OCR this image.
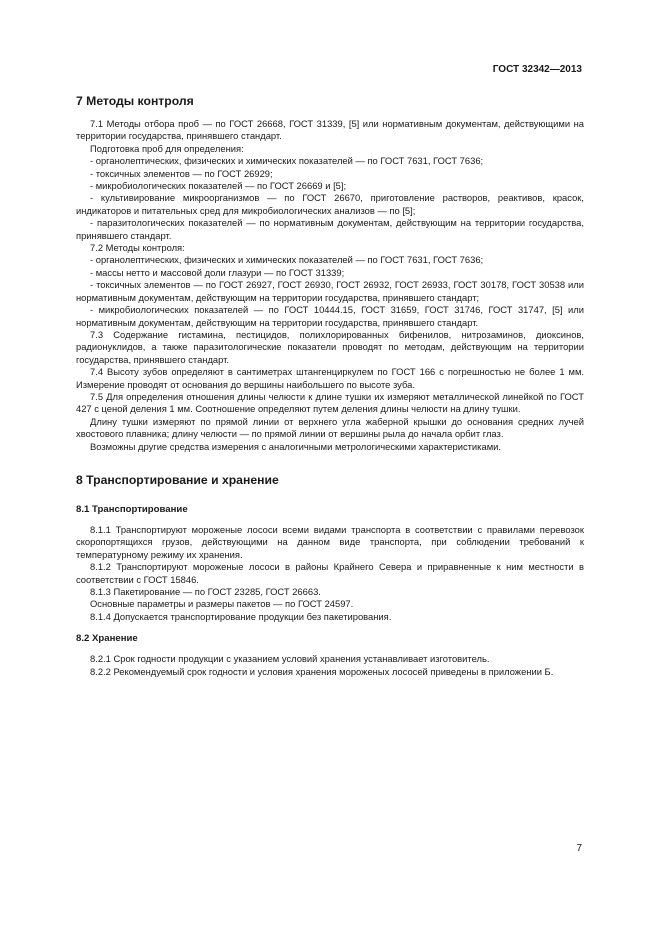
ГОСТ 32342—2013
7 Методы контроля

7.1 Методы отбора проб — по ГОСТ 26668, ГОСТ 31339, [5] или нормативным документам, действующими на территории государства, принявшего стандарт.

Подготовка проб для определения:

- органолептических, физических и химических показателей — по ГОСТ 7631, ГОСТ 7636;

- токсичных элементов — по ГОСТ 26929;

- микробиологических показателей — по ГОСТ 26669 и [5];

- культивирование микроорганизмов — по ГОСТ 26670, приготовление растворов, реактивов, красок, индикаторов и питательных сред для микробиологических анализов — по [5];

- паразитологических показателей — по нормативным документам, действующим на территории государства, принявшего стандарт.

7.2 Методы контроля:

- органолептических, физических и химических показателей — по ГОСТ 7631, ГОСТ 7636;

- массы нетто и массовой доли глазури — по ГОСТ 31339;

- токсичных элементов — по ГОСТ 26927, ГОСТ 26930, ГОСТ 26932, ГОСТ 26933, ГОСТ 30178, ГОСТ 30538 или нормативным документам, действующим на территории государства, принявшего стандарт;

- микробиологических показателей — по ГОСТ 10444.15, ГОСТ 31659, ГОСТ 31746, ГОСТ 31747, [5] или нормативным документам, действующим на территории государства, принявшего стандарт.

7.3 Содержание гистамина, пестицидов, полихлорированных бифенилов, нитрозаминов, диоксинов, радионуклидов, а также паразитологические показатели проводят по методам, действующим на территории государства, принявшего стандарт.

7.4 Высоту зубов определяют в сантиметрах штангенциркулем по ГОСТ 166 с погрешностью не более 1 мм. Измерение проводят от основания до вершины наибольшего по высоте зуба.

7.5 Для определения отношения длины челюсти к длине тушки их измеряют металлической линейкой по ГОСТ 427 с ценой деления 1 мм. Соотношение определяют путем деления длины челюсти на длину тушки.

Длину тушки измеряют по прямой линии от верхнего угла жаберной крышки до основания средних лучей хвостового плавника; длину челюсти — по прямой линии от вершины рыла до начала орбит глаз.

Возможны другие средства измерения с аналогичными метрологическими характеристиками.

8 Транспортирование и хранение
8.1 Транспортирование

8.1.1 Транспортируют мороженые лососи всеми видами транспорта в соответствии с правилами перевозок скоропортящихся грузов, действующими на данном виде транспорта, при соблюдении требований к температурному режиму их хранения.

8.1.2 Транспортируют мороженые лососи в районы Крайнего Севера и приравненные к ним местности в соответствии с ГОСТ 15846.

8.1.3 Пакетирование — по ГОСТ 23285, ГОСТ 26663.

Основные параметры и размеры пакетов — по ГОСТ 24597.

8.1.4 Допускается транспортирование продукции без пакетирования.

8.2 Хранение

8.2.1 Срок годности продукции с указанием условий хранения устанавливает изготовитель.

8.2.2 Рекомендуемый срок годности и условия хранения мороженых лососей приведены в приложении Б.

7
